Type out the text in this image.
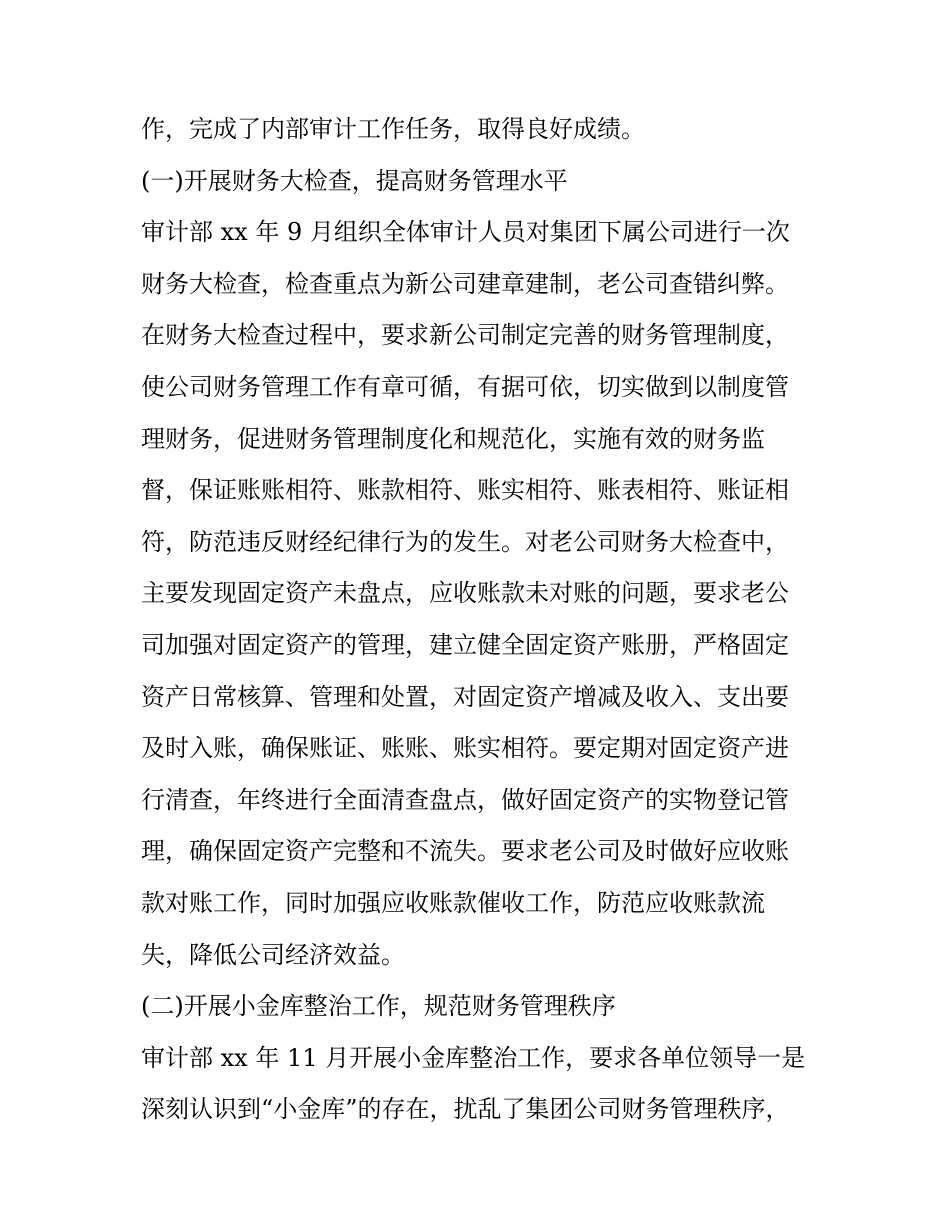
作，完成了内部审计工作任务，取得良好成绩。
(一)开展财务大检查，提高财务管理水平
审计部 xx 年 9 月组织全体审计人员对集团下属公司进行一次
财务大检查，检查重点为新公司建章建制，老公司查错纠弊。
在财务大检查过程中，要求新公司制定完善的财务管理制度，
使公司财务管理工作有章可循，有据可依，切实做到以制度管
理财务，促进财务管理制度化和规范化，实施有效的财务监
督，保证账账相符、账款相符、账实相符、账表相符、账证相
符，防范违反财经纪律行为的发生。对老公司财务大检查中，
主要发现固定资产未盘点，应收账款未对账的问题，要求老公
司加强对固定资产的管理，建立健全固定资产账册，严格固定
资产日常核算、管理和处置，对固定资产增减及收入、支出要
及时入账，确保账证、账账、账实相符。要定期对固定资产进
行清查，年终进行全面清查盘点，做好固定资产的实物登记管
理，确保固定资产完整和不流失。要求老公司及时做好应收账
款对账工作，同时加强应收账款催收工作，防范应收账款流
失，降低公司经济效益。
(二)开展小金库整治工作，规范财务管理秩序
审计部 xx 年 11 月开展小金库整治工作，要求各单位领导一是
深刻认识到“小金库”的存在，扰乱了集团公司财务管理秩序，
